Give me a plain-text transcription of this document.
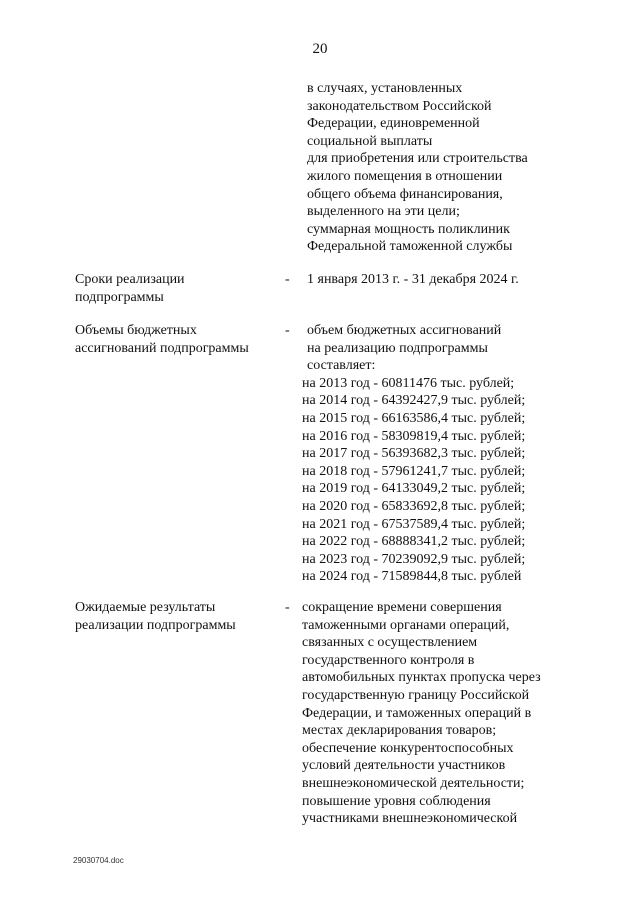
20
в случаях, установленных
законодательством Российской
Федерации, единовременной
социальной выплаты
для приобретения или строительства
жилого помещения в отношении
общего объема финансирования,
выделенного на эти цели;
суммарная мощность поликлиник
Федеральной таможенной службы
Сроки реализации
подпрограммы
- 1 января 2013 г. - 31 декабря 2024 г.
Объемы бюджетных
ассигнований подпрограммы
-	объем бюджетных ассигнований
на реализацию подпрограммы
составляет:
на 2013 год - 60811476 тыс. рублей;
на 2014 год - 64392427,9 тыс. рублей;
на 2015 год - 66163586,4 тыс. рублей;
на 2016 год - 58309819,4 тыс. рублей;
на 2017 год - 56393682,3 тыс. рублей;
на 2018 год - 57961241,7 тыс. рублей;
на 2019 год - 64133049,2 тыс. рублей;
на 2020 год - 65833692,8 тыс. рублей;
на 2021 год - 67537589,4 тыс. рублей;
на 2022 год - 68888341,2 тыс. рублей;
на 2023 год - 70239092,9 тыс. рублей;
на 2024 год - 71589844,8 тыс. рублей
Ожидаемые результаты
реализации подпрограммы
- сокращение времени совершения
таможенными органами операций,
связанных с осуществлением
государственного контроля в
автомобильных пунктах пропуска через
государственную границу Российской
Федерации, и таможенных операций в
местах декларирования товаров;
обеспечение конкурентоспособных
условий деятельности участников
внешнеэкономической деятельности;
повышение уровня соблюдения
участниками внешнеэкономической
29030704.doc
